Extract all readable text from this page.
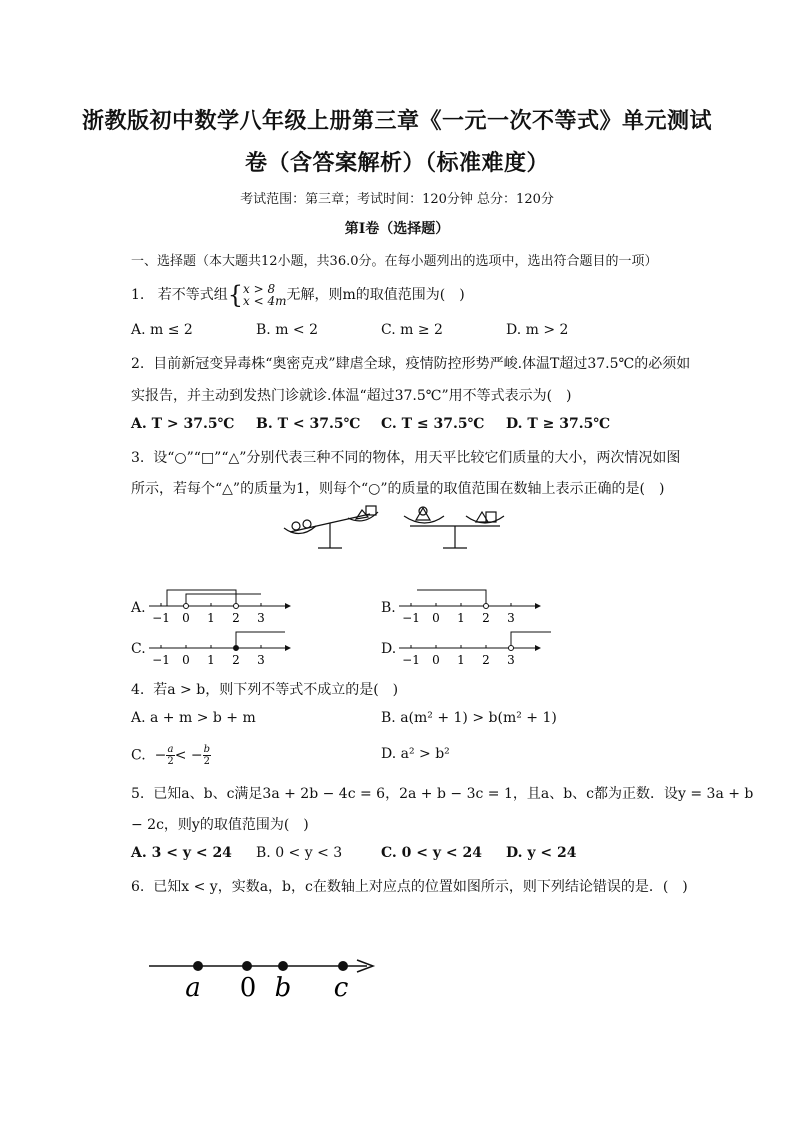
浙教版初中数学八年级上册第三章《一元一次不等式》单元测试
卷（含答案解析）（标准难度）
考试范围：第三章；考试时间：120分钟 总分：120分
第I卷（选择题）
一、选择题（本大题共12小题，共36.0分。在每小题列出的选项中，选出符合题目的一项）
1. 若不等式组{x > 8
x < 4m无解，则m的取值范围为(　)
A. m ≤ 2	B. m < 2	C. m ≥ 2	D. m > 2
2. 目前新冠变异毒株“奥密克戎”肆虐全球，疫情防控形势严峻.体温T超过37.5℃的必须如
实报告，并主动到发热门诊就诊.体温“超过37.5℃”用不等式表示为(　)
A. T > 37.5℃ B. T < 37.5℃ C. T ≤ 37.5℃ D. T ≥ 37.5℃
3. 设“○”“□”“△”分别代表三种不同的物体，用天平比较它们质量的大小，两次情况如图
所示，若每个“△”的质量为1，则每个“○”的质量的取值范围在数轴上表示正确的是(　)
A.
−1 0 1 2 3
B.
−1 0 1 2 3
C.
−1 0 1 2 3
D.
−1 0 1 2 3
4. 若a > b，则下列不等式不成立的是(　)
A. a + m > b + m	B. a(m² + 1) > b(m² + 1)
C. $-\frac{a}{2}< -\frac{b}{2}$	D. a² > b²
5. 已知a、b、c满足3a + 2b − 4c = 6，2a + b − 3c = 1，且a、b、c都为正数．设y = 3a + b
− 2c，则y的取值范围为(　)
A. 3 < y < 24 B. 0 < y < 3	C. 0 < y < 24 D. y < 24
6. 已知x < y，实数a，b，c在数轴上对应点的位置如图所示，则下列结论错误的是．(　)
a 0 b c
